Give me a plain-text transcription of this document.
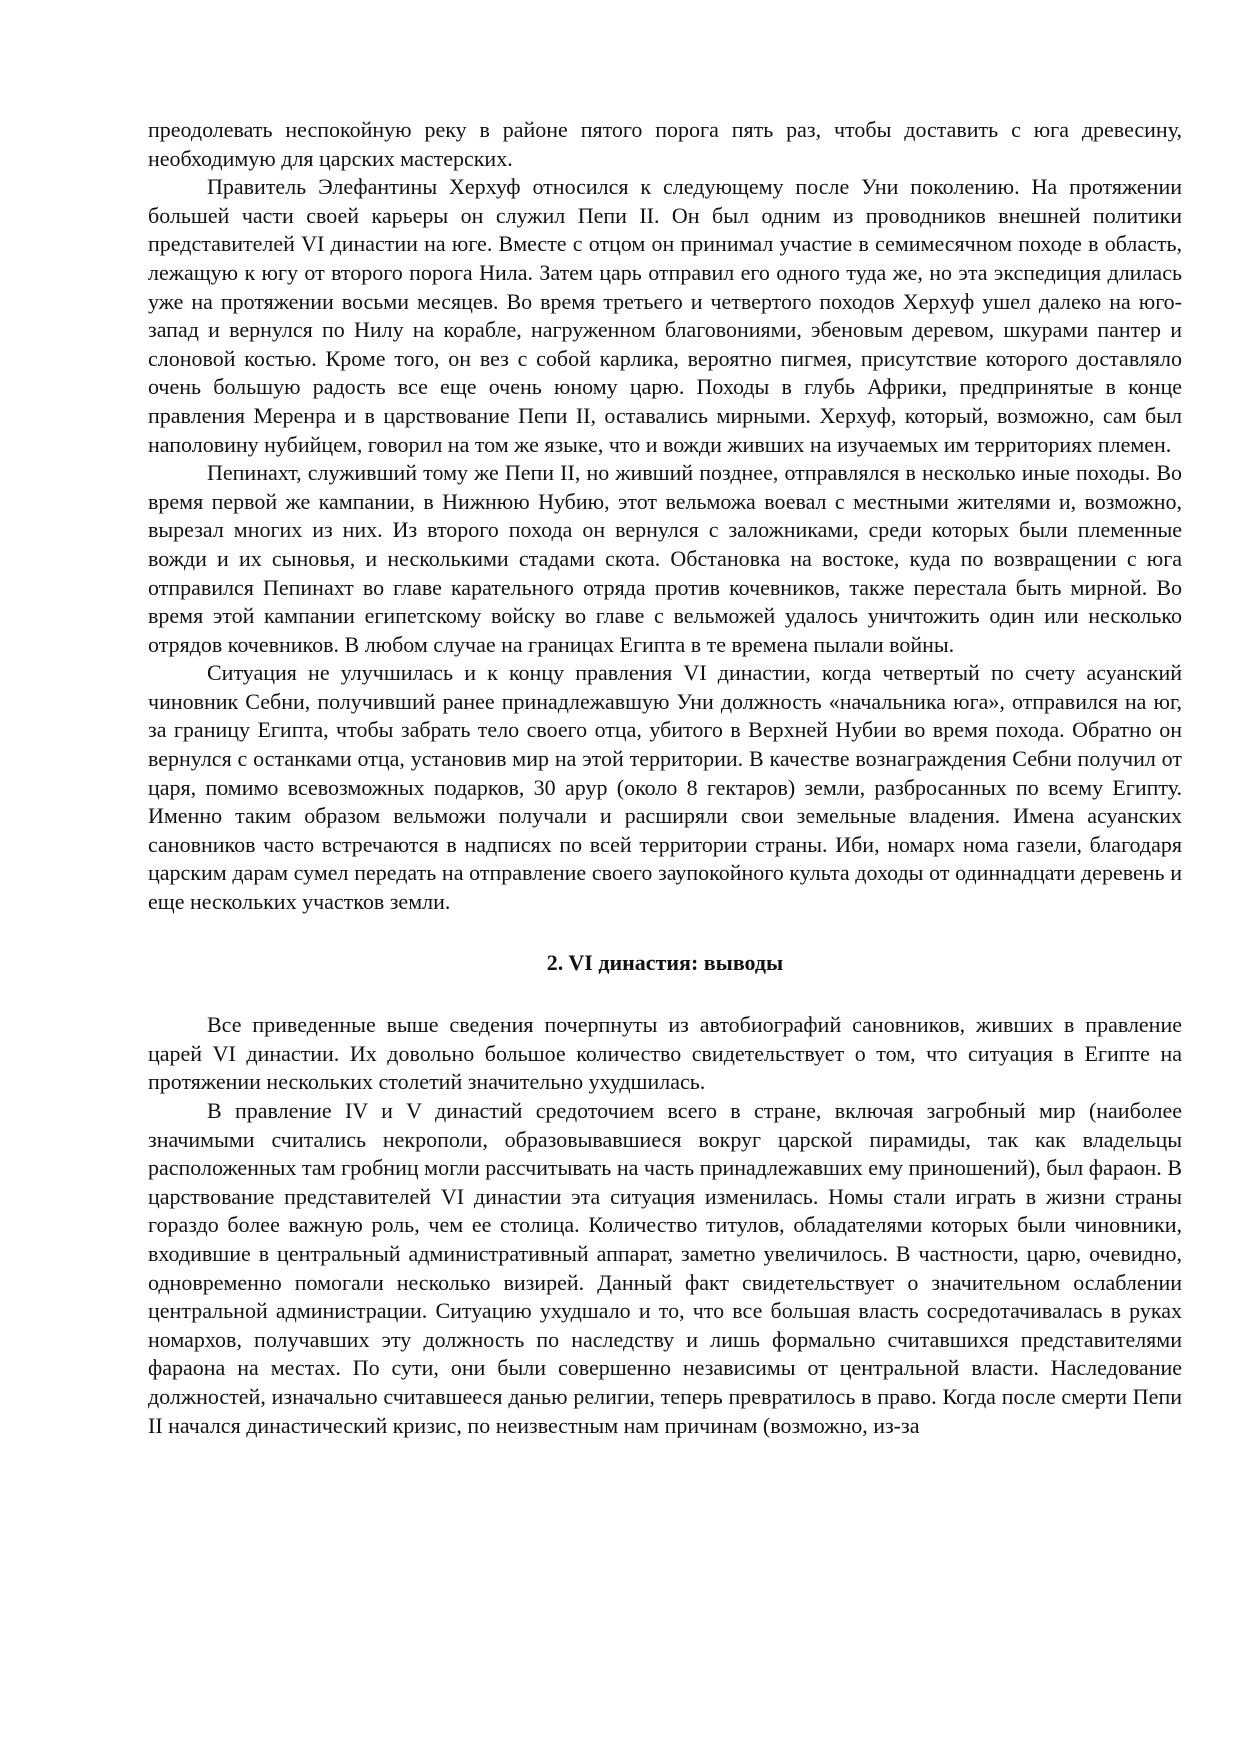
преодолевать неспокойную реку в районе пятого порога пять раз, чтобы доставить с юга древесину, необходимую для царских мастерских.

Правитель Элефантины Херхуф относился к следующему после Уни поколению. На протяжении большей части своей карьеры он служил Пепи II. Он был одним из проводников внешней политики представителей VI династии на юге. Вместе с отцом он принимал участие в семимесячном походе в область, лежащую к югу от второго порога Нила. Затем царь отправил его одного туда же, но эта экспедиция длилась уже на протяжении восьми месяцев. Во время третьего и четвертого походов Херхуф ушел далеко на юго-запад и вернулся по Нилу на корабле, нагруженном благовониями, эбеновым деревом, шкурами пантер и слоновой костью. Кроме того, он вез с собой карлика, вероятно пигмея, присутствие которого доставляло очень большую радость все еще очень юному царю. Походы в глубь Африки, предпринятые в конце правления Меренра и в царствование Пепи II, оставались мирными. Херхуф, который, возможно, сам был наполовину нубийцем, говорил на том же языке, что и вожди живших на изучаемых им территориях племен.

Пепинахт, служивший тому же Пепи II, но живший позднее, отправлялся в несколько иные походы. Во время первой же кампании, в Нижнюю Нубию, этот вельможа воевал с местными жителями и, возможно, вырезал многих из них. Из второго похода он вернулся с заложниками, среди которых были племенные вожди и их сыновья, и несколькими стадами скота. Обстановка на востоке, куда по возвращении с юга отправился Пепинахт во главе карательного отряда против кочевников, также перестала быть мирной. Во время этой кампании египетскому войску во главе с вельможей удалось уничтожить один или несколько отрядов кочевников. В любом случае на границах Египта в те времена пылали войны.

Ситуация не улучшилась и к концу правления VI династии, когда четвертый по счету асуанский чиновник Себни, получивший ранее принадлежавшую Уни должность «начальника юга», отправился на юг, за границу Египта, чтобы забрать тело своего отца, убитого в Верхней Нубии во время похода. Обратно он вернулся с останками отца, установив мир на этой территории. В качестве вознаграждения Себни получил от царя, помимо всевозможных подарков, 30 арур (около 8 гектаров) земли, разбросанных по всему Египту. Именно таким образом вельможи получали и расширяли свои земельные владения. Имена асуанских сановников часто встречаются в надписях по всей территории страны. Иби, номарх нома газели, благодаря царским дарам сумел передать на отправление своего заупокойного культа доходы от одиннадцати деревень и еще нескольких участков земли.

2. VI династия: выводы

Все приведенные выше сведения почерпнуты из автобиографий сановников, живших в правление царей VI династии. Их довольно большое количество свидетельствует о том, что ситуация в Египте на протяжении нескольких столетий значительно ухудшилась.

В правление IV и V династий средоточием всего в стране, включая загробный мир (наиболее значимыми считались некрополи, образовывавшиеся вокруг царской пирамиды, так как владельцы расположенных там гробниц могли рассчитывать на часть принадлежавших ему приношений), был фараон. В царствование представителей VI династии эта ситуация изменилась. Номы стали играть в жизни страны гораздо более важную роль, чем ее столица. Количество титулов, обладателями которых были чиновники, входившие в центральный административный аппарат, заметно увеличилось. В частности, царю, очевидно, одновременно помогали несколько визирей. Данный факт свидетельствует о значительном ослаблении центральной администрации. Ситуацию ухудшало и то, что все большая власть сосредотачивалась в руках номархов, получавших эту должность по наследству и лишь формально считавшихся представителями фараона на местах. По сути, они были совершенно независимы от центральной власти. Наследование должностей, изначально считавшееся данью религии, теперь превратилось в право. Когда после смерти Пепи II начался династический кризис, по неизвестным нам причинам (возможно, из-за
